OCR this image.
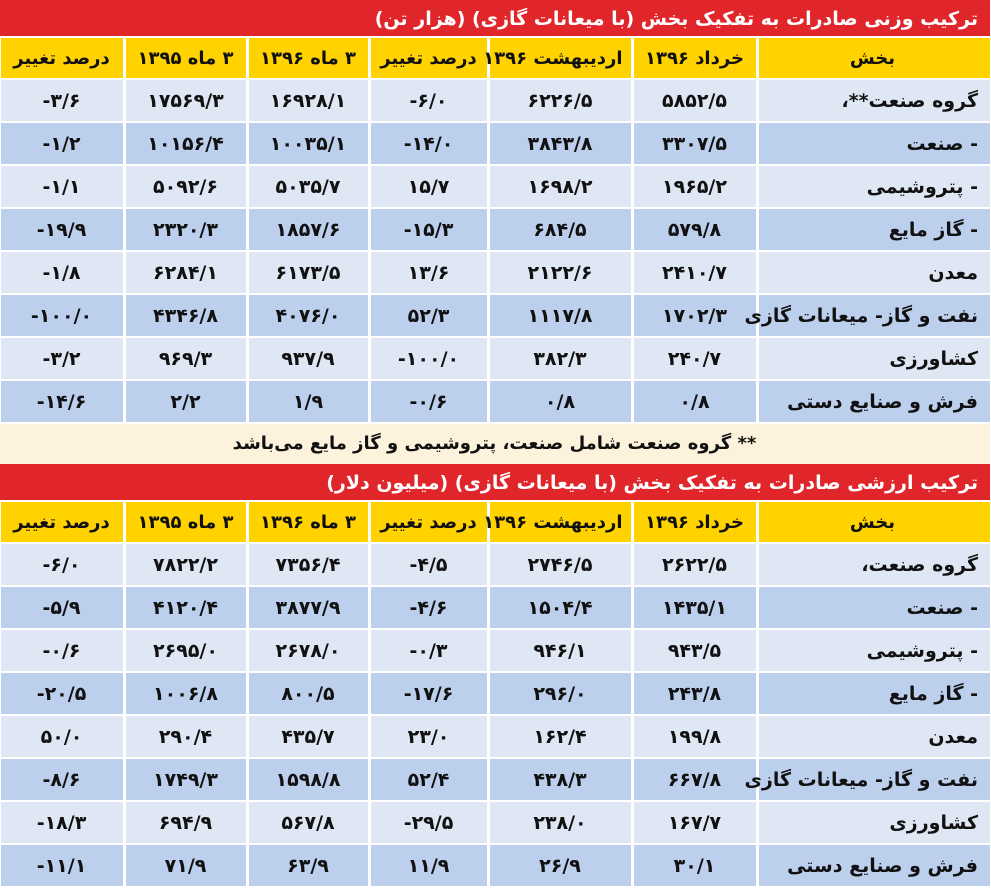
ترکیب وزنی صادرات به تفکیک بخش (با میعانات گازی) (هزار تن)
بخش	خرداد ۱۳۹۶	اردیبهشت ۱۳۹۶	درصد تغییر	۳ ماه ۱۳۹۶	۳ ماه ۱۳۹۵	درصد تغییر
گروه صنعت**،	۵۸۵۲/۵	۶۲۲۶/۵	-۶/۰	۱۶۹۲۸/۱	۱۷۵۶۹/۳	-۳/۶
- صنعت	۳۳۰۷/۵	۳۸۴۳/۸	-۱۴/۰	۱۰۰۳۵/۱	۱۰۱۵۶/۴	-۱/۲
- پتروشیمی	۱۹۶۵/۲	۱۶۹۸/۲	۱۵/۷	۵۰۳۵/۷	۵۰۹۲/۶	-۱/۱
- گاز مایع	۵۷۹/۸	۶۸۴/۵	-۱۵/۳	۱۸۵۷/۶	۲۳۲۰/۳	-۱۹/۹
معدن	۲۴۱۰/۷	۲۱۲۲/۶	۱۳/۶	۶۱۷۳/۵	۶۲۸۴/۱	-۱/۸
نفت و گاز- میعانات گازی	۱۷۰۲/۳	۱۱۱۷/۸	۵۲/۳	۴۰۷۶/۰	۴۳۴۶/۸	-۱۰۰/۰
کشاورزی	۲۴۰/۷	۳۸۲/۳	-۱۰۰/۰	۹۳۷/۹	۹۶۹/۳	-۳/۲
فرش و صنایع دستی	۰/۸	۰/۸	-۰/۶	۱/۹	۲/۲	-۱۴/۶
** گروه صنعت شامل صنعت، پتروشیمی و گاز مایع می‌باشد
ترکیب ارزشی صادرات به تفکیک بخش (با میعانات گازی) (میلیون دلار)
بخش	خرداد ۱۳۹۶	اردیبهشت ۱۳۹۶	درصد تغییر	۳ ماه ۱۳۹۶	۳ ماه ۱۳۹۵	درصد تغییر
گروه صنعت،	۲۶۲۲/۵	۲۷۴۶/۵	-۴/۵	۷۳۵۶/۴	۷۸۲۲/۲	-۶/۰
- صنعت	۱۴۳۵/۱	۱۵۰۴/۴	-۴/۶	۳۸۷۷/۹	۴۱۲۰/۴	-۵/۹
- پتروشیمی	۹۴۳/۵	۹۴۶/۱	-۰/۳	۲۶۷۸/۰	۲۶۹۵/۰	-۰/۶
- گاز مایع	۲۴۳/۸	۲۹۶/۰	-۱۷/۶	۸۰۰/۵	۱۰۰۶/۸	-۲۰/۵
معدن	۱۹۹/۸	۱۶۲/۴	۲۳/۰	۴۳۵/۷	۲۹۰/۴	۵۰/۰
نفت و گاز- میعانات گازی	۶۶۷/۸	۴۳۸/۳	۵۲/۴	۱۵۹۸/۸	۱۷۴۹/۳	-۸/۶
کشاورزی	۱۶۷/۷	۲۳۸/۰	-۲۹/۵	۵۶۷/۸	۶۹۴/۹	-۱۸/۳
فرش و صنایع دستی	۳۰/۱	۲۶/۹	۱۱/۹	۶۳/۹	۷۱/۹	-۱۱/۱
